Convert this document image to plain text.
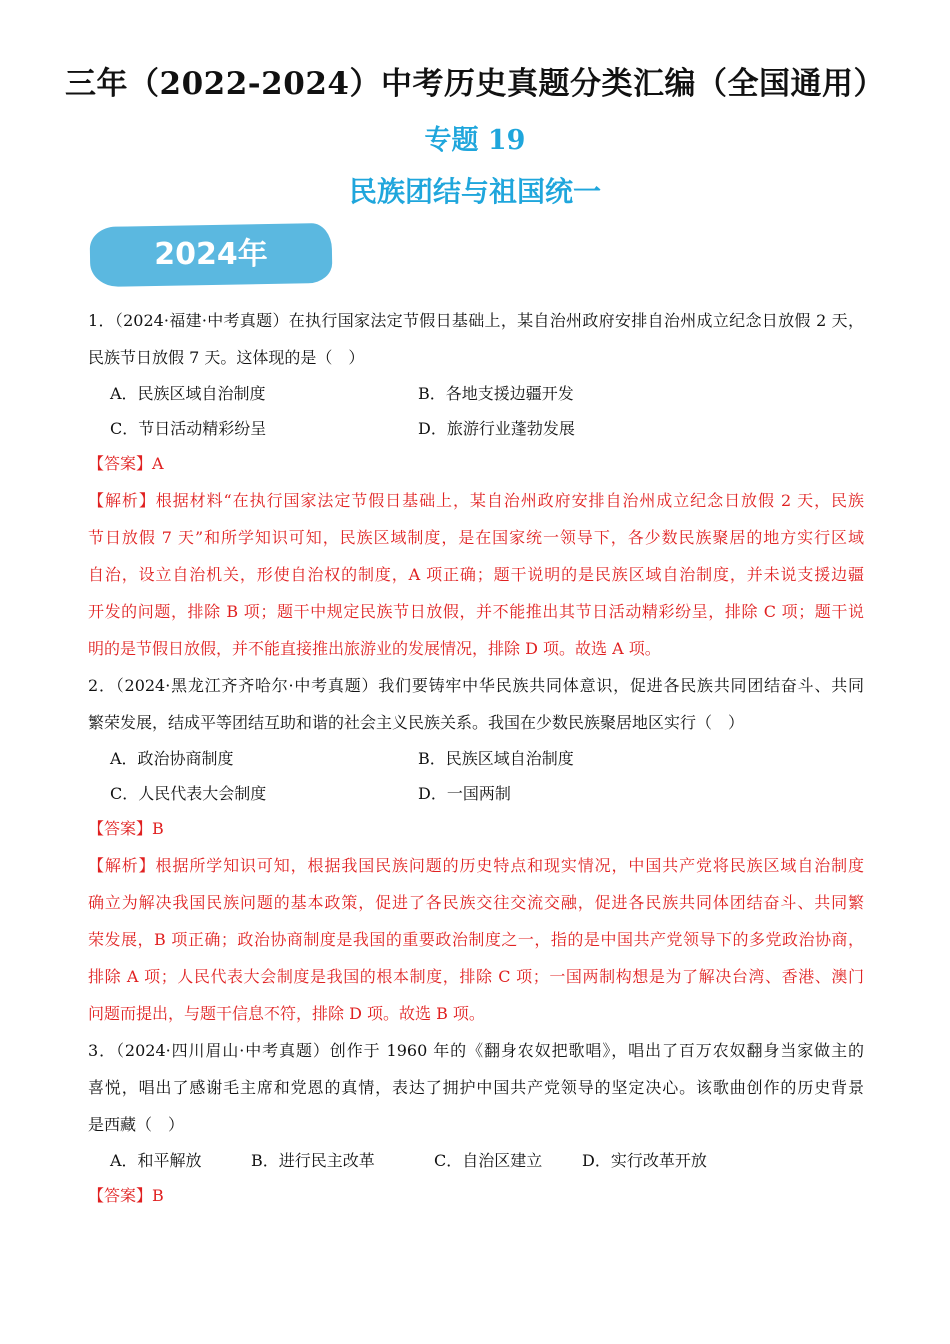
三年（2022-2024）中考历史真题分类汇编（全国通用）
专题 19
民族团结与祖国统一
2024年
1．（2024·福建·中考真题）在执行国家法定节假日基础上，某自治州政府安排自治州成立纪念日放假 2 天，
民族节日放假 7 天。这体现的是（　）
A．民族区域自治制度	B．各地支援边疆开发
C．节日活动精彩纷呈	D．旅游行业蓬勃发展
【答案】A
【解析】根据材料“在执行国家法定节假日基础上，某自治州政府安排自治州成立纪念日放假 2 天，民族
节日放假 7 天”和所学知识可知，民族区域制度，是在国家统一领导下，各少数民族聚居的地方实行区域
自治，设立自治机关，形使自治权的制度，A 项正确；题干说明的是民族区域自治制度，并未说支援边疆
开发的问题，排除 B 项；题干中规定民族节日放假，并不能推出其节日活动精彩纷呈，排除 C 项；题干说
明的是节假日放假，并不能直接推出旅游业的发展情况，排除 D 项。故选 A 项。
2．（2024·黑龙江齐齐哈尔·中考真题）我们要铸牢中华民族共同体意识，促进各民族共同团结奋斗、共同
繁荣发展，结成平等团结互助和谐的社会主义民族关系。我国在少数民族聚居地区实行（　）
A．政治协商制度	B．民族区域自治制度
C．人民代表大会制度	D．一国两制
【答案】B
【解析】根据所学知识可知，根据我国民族问题的历史特点和现实情况，中国共产党将民族区域自治制度
确立为解决我国民族问题的基本政策，促进了各民族交往交流交融，促进各民族共同体团结奋斗、共同繁
荣发展，B 项正确；政治协商制度是我国的重要政治制度之一，指的是中国共产党领导下的多党政治协商，
排除 A 项；人民代表大会制度是我国的根本制度，排除 C 项；一国两制构想是为了解决台湾、香港、澳门
问题而提出，与题干信息不符，排除 D 项。故选 B 项。
3．（2024·四川眉山·中考真题）创作于 1960 年的《翻身农奴把歌唱》，唱出了百万农奴翻身当家做主的
喜悦，唱出了感谢毛主席和党恩的真情，表达了拥护中国共产党领导的坚定决心。该歌曲创作的历史背景
是西藏（　）
A．和平解放	B．进行民主改革	C．自治区建立 D．实行改革开放
【答案】B
